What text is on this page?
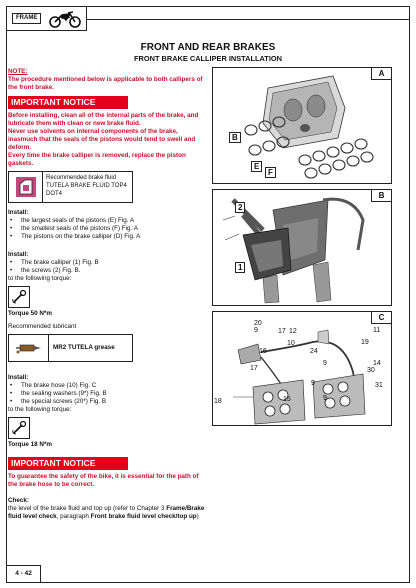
FRAME
FRONT AND REAR BRAKES
FRONT BRAKE CALLIPER INSTALLATION
NOTE:
The procedure mentioned below is applicable to both callipers of the front brake.
IMPORTANT NOTICE
Before installing, clean all of the internal parts of the brake, and lubricate them with clean or new brake fluid.
Never use solvents on internal components of the brake, inasmuch that the seals of the pistons would tend to swell and deform.
Every time the brake calliper is removed, replace the piston gaskets.
Recommended brake fluid
TUTELA BRAKE FLUID TOP4
DOT4
Install:
• the largest seals of the pistons (E) Fig. A
• the smallest seals of the pistons (F) Fig. A
• The pistons on the brake calliper (D) Fig. A
Install:
• The brake calliper (1) Fig. B
• the screws (2) Fig. B.
to the following torque:
Torque 50 N*m
Recommended lubricant
MR2 TUTELA grease
Install:
• The brake hose (10) Fig. C
• the sealing washers (9*) Fig. B
• the special screws (20*) Fig. B
to the following torque:
Torque 18 N*m
IMPORTANT NOTICE
To guarantee the safety of the bike, it is essential for the path of the brake hose to be correct.
Check:
the level of the brake fluid and top up (refer to Chapter 3 Frame/Brake fluid level check, paragraph Front brake fluid level check/top up)
A
B
E
F
B
2
1
C
20
9	17 12	11
10	19
16	24
17
9	14
30
9	31
18	15	9
4 - 42
